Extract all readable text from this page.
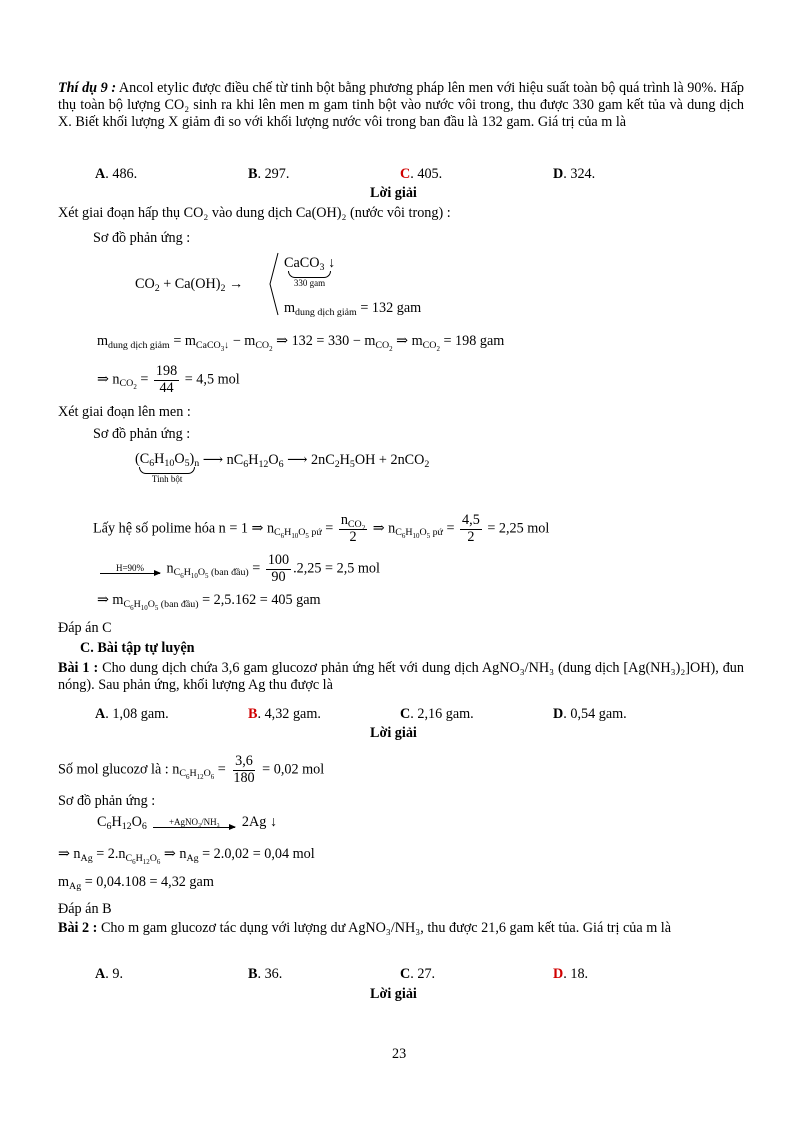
Thí dụ 9 : Ancol etylic được điều chế từ tinh bột bằng phương pháp lên men với hiệu suất toàn bộ quá trình là 90%. Hấp thụ toàn bộ lượng CO₂ sinh ra khi lên men m gam tinh bột vào nước vôi trong, thu được 330 gam kết tủa và dung dịch X. Biết khối lượng X giảm đi so với khối lượng nước vôi trong ban đầu là 132 gam. Giá trị của m là
A. 486.	B. 297.	C. 405.	D. 324.
Lời giải
Xét giai đoạn hấp thụ CO₂ vào dung dịch Ca(OH)₂ (nước vôi trong) :
Sơ đồ phản ứng :
$CO_2 + Ca(OH)_2$ →
CaCO$_3$ ↓
330 gam
$m_{dung dịch giảm} = 132$ gam
$m_{dung dịch giảm} = m_{CaCO_3↓} - m_{CO_2}$ ⇒ $132 = 330 - m_{CO_2}$ ⇒ $m_{CO_2} = 198$ gam
⇒ $n_{CO_2} = \frac{198}{44} = 4,5$ mol
Xét giai đoạn lên men :
Sơ đồ phản ứng :
$(C_6H_{10}O_5)_n$
Tinh bột
⟶ $nC_6H_{12}O_6$ ⟶ $2nC_2H_5OH + 2nCO_2$
Lấy hệ số polime hóa n = 1 ⇒ $n_{C_6H_{10}O_5 pứ}$ =
$n_{CO_2}$
2
⇒ $n_{C_6H_{10}O_5 pứ} = \frac{4,5}{2} = 2,25$ mol
H=90% $n_{C_6H_{10}O_5 (ban đầu)} = \frac{100}{90} .2,25 = 2,5$ mol
⇒ $m_{C_6H_{10}O_5 (ban đầu)} = 2,5.162 = 405$ gam
Đáp án C
C. Bài tập tự luyện
Bài 1 : Cho dung dịch chứa 3,6 gam glucozơ phản ứng hết với dung dịch AgNO₃/NH₃ (dung dịch [Ag(NH₃)₂]OH), đun nóng). Sau phản ứng, khối lượng Ag thu được là
A. 1,08 gam.	B. 4,32 gam.	C. 2,16 gam.	D. 0,54 gam.
Lời giải
Số mol glucozơ là : $n_{C_6H_{12}O_6} = \frac{3,6}{180} = 0,02$ mol
Sơ đồ phản ứng :
$C_6H_{12}O_6$ +AgNO₃/NH₃ 2Ag ↓
⇒ $n_{Ag} = 2.n_{C_6H_{12}O_6}$ ⇒ $n_{Ag} = 2.0,02 = 0,04$ mol
$m_{Ag} = 0,04.108 = 4,32$ gam
Đáp án B
Bài 2 : Cho m gam glucozơ tác dụng với lượng dư AgNO₃/NH₃, thu được 21,6 gam kết tủa. Giá trị của m là
A. 9.	B. 36.	C. 27.	D. 18.
Lời giải
23
